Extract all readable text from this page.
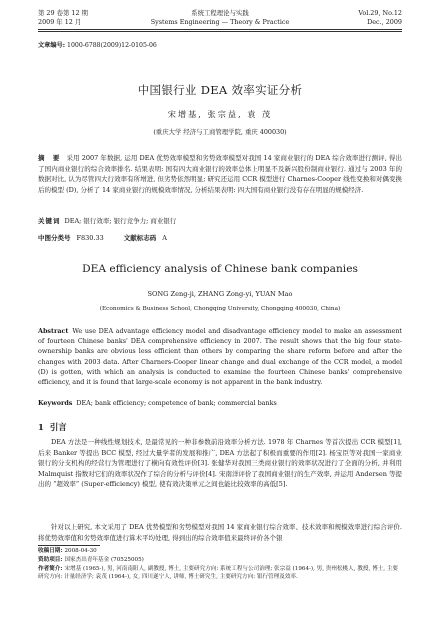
第 29 卷第 12 期	系统工程理论与实践	Vol.29, No.12
2009 年 12 月	Systems Engineering — Theory & Practice	Dec., 2009
文章编号: 1000-6788(2009)12-0105-06
中国银行业 DEA 效率实证分析
宋增基, 张宗益, 袁 茂
(重庆大学 经济与工商管理学院, 重庆 400030)
摘 要 采用 2007 年数据, 运用 DEA 优势效率模型和劣势效率模型对我国 14 家商业银行的 DEA 综合效率进行测评, 得出了国内商业银行的综合效率排名. 结果表明: 国有四大商业银行的效率总体上明显不及新兴股份制商业银行. 通过与 2003 年的数据对比, 认为尽管四大行效率有所增进, 但劣势依然明显; 研究还运用 CCR 模型进行 Charnes-Cooper 线性变换和对偶变换后的模型 (D), 分析了 14 家商业银行的规模效率情况, 分析结果表明: 四大国有商业银行没有存在明显的规模经济.
关键词 DEA; 银行效率; 银行竞争力; 商业银行
中图分类号 F830.33	文献标志码 A
DEA efficiency analysis of Chinese bank companies
SONG Zeng-ji, ZHANG Zong-yi, YUAN Mao
(Economics & Business School, Chongqing University, Chongqing 400030, China)
Abstract We use DEA advantage efficiency model and disadvantage efficiency model to make an assessment of fourteen Chinese banks' DEA comprehensive efficiency in 2007. The result shows that the big four state-ownership banks are obvious less efficient than others by comparing the share reform before and after the changes with 2003 data. After Charners-Cooper linear change and dual exchange of the CCR model, a model (D) is gotten, with which an analysis is conducted to examine the fourteen Chinese banks' comprehensive efficiency, and it is found that large-scale economy is not apparent in the bank industry.
Keywords DEA; bank efficiency; competence of bank; commercial banks
1 引言
DEA 方法是一种线性规划技术, 是最常见的一种非参数前沿效率分析方法. 1978 年 Charnes 等首次提出 CCR 模型[1], 后来 Banker 等提出 BCC 模型, 经过大量学者的发展和推广, DEA 方法起了积极而重要的作用[2]. 杨宝臣等对我国一家商业银行的分支机构的经营行为管理进行了横向有效性评价[3]. 张健华对我国三类商业银行的效率状况进行了全面的分析, 并利用 Malmquist 指数对它们的效率状况作了综合的分析与评价[4]. 宋南洋评价了我国商业银行的生产效率, 并运用 Andersen 等提出的 “超效率” (Super-efficiency) 模型, 使有效决策单元之间也能比较效率的高低[5].
针对以上研究, 本文采用了 DEA 优势模型和劣势模型对我国 14 家商业银行综合效率、技术效率和规模效率进行综合评价. 将优势效率值和劣势效率值进行算术平均处理, 得到出的综合效率值来最终评价各个银
收稿日期: 2008-04-30
资助项目: 国家杰出青年基金 (70525005)
作者简介: 宋增基 (1965-), 男, 河南南阳人, 副教授, 博士, 主要研究方向: 系统工程与公司治理; 张宗益 (1964-), 男, 贵州松桃人, 教授, 博士, 主要研究方向: 计量经济学; 袁茂 (1964-), 女, 四川遂宁人, 讲师, 博士研究生, 主要研究方向: 银行管理及效率.
